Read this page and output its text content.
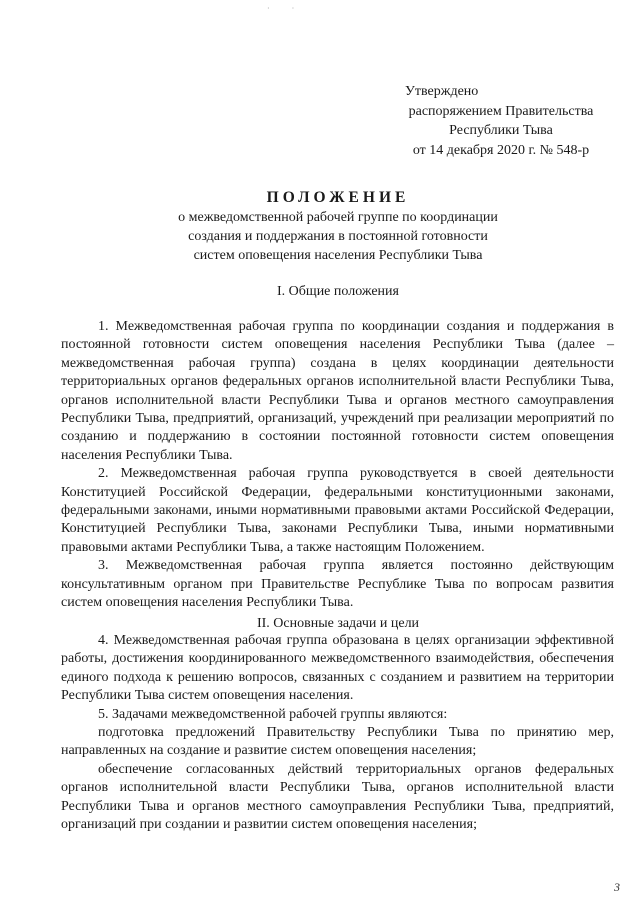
· ·
Утверждено
распоряжением Правительства
Республики Тыва
от 14 декабря 2020 г. № 548-р
ПОЛОЖЕНИЕ
о межведомственной рабочей группе по координации
создания и поддержания в постоянной готовности
систем оповещения населения Республики Тыва
I. Общие положения

1. Межведомственная рабочая группа по координации создания и поддержания в постоянной готовности систем оповещения населения Республики Тыва (далее – межведомственная рабочая группа) создана в целях координации деятельности территориальных органов федеральных органов исполнительной власти Республики Тыва, органов исполнительной власти Республики Тыва и органов местного самоуправления Республики Тыва, предприятий, организаций, учреждений при реализации мероприятий по созданию и поддержанию в состоянии постоянной готовности систем оповещения населения Республики Тыва.

2. Межведомственная рабочая группа руководствуется в своей деятельности Конституцией Российской Федерации, федеральными конституционными законами, федеральными законами, иными нормативными правовыми актами Российской Федерации, Конституцией Республики Тыва, законами Республики Тыва, иными нормативными правовыми актами Республики Тыва, а также настоящим Положением.

3. Межведомственная рабочая группа является постоянно действующим консультативным органом при Правительстве Республике Тыва по вопросам развития систем оповещения населения Республики Тыва.

II. Основные задачи и цели

4. Межведомственная рабочая группа образована в целях организации эффективной работы, достижения координированного межведомственного взаимодействия, обеспечения единого подхода к решению вопросов, связанных с созданием и развитием на территории Республики Тыва систем оповещения населения.

5. Задачами межведомственной рабочей группы являются:

подготовка предложений Правительству Республики Тыва по принятию мер, направленных на создание и развитие систем оповещения населения;

обеспечение согласованных действий территориальных органов федеральных органов исполнительной власти Республики Тыва, органов исполнительной власти Республики Тыва и органов местного самоуправления Республики Тыва, предприятий, организаций при создании и развитии систем оповещения населения;

3
